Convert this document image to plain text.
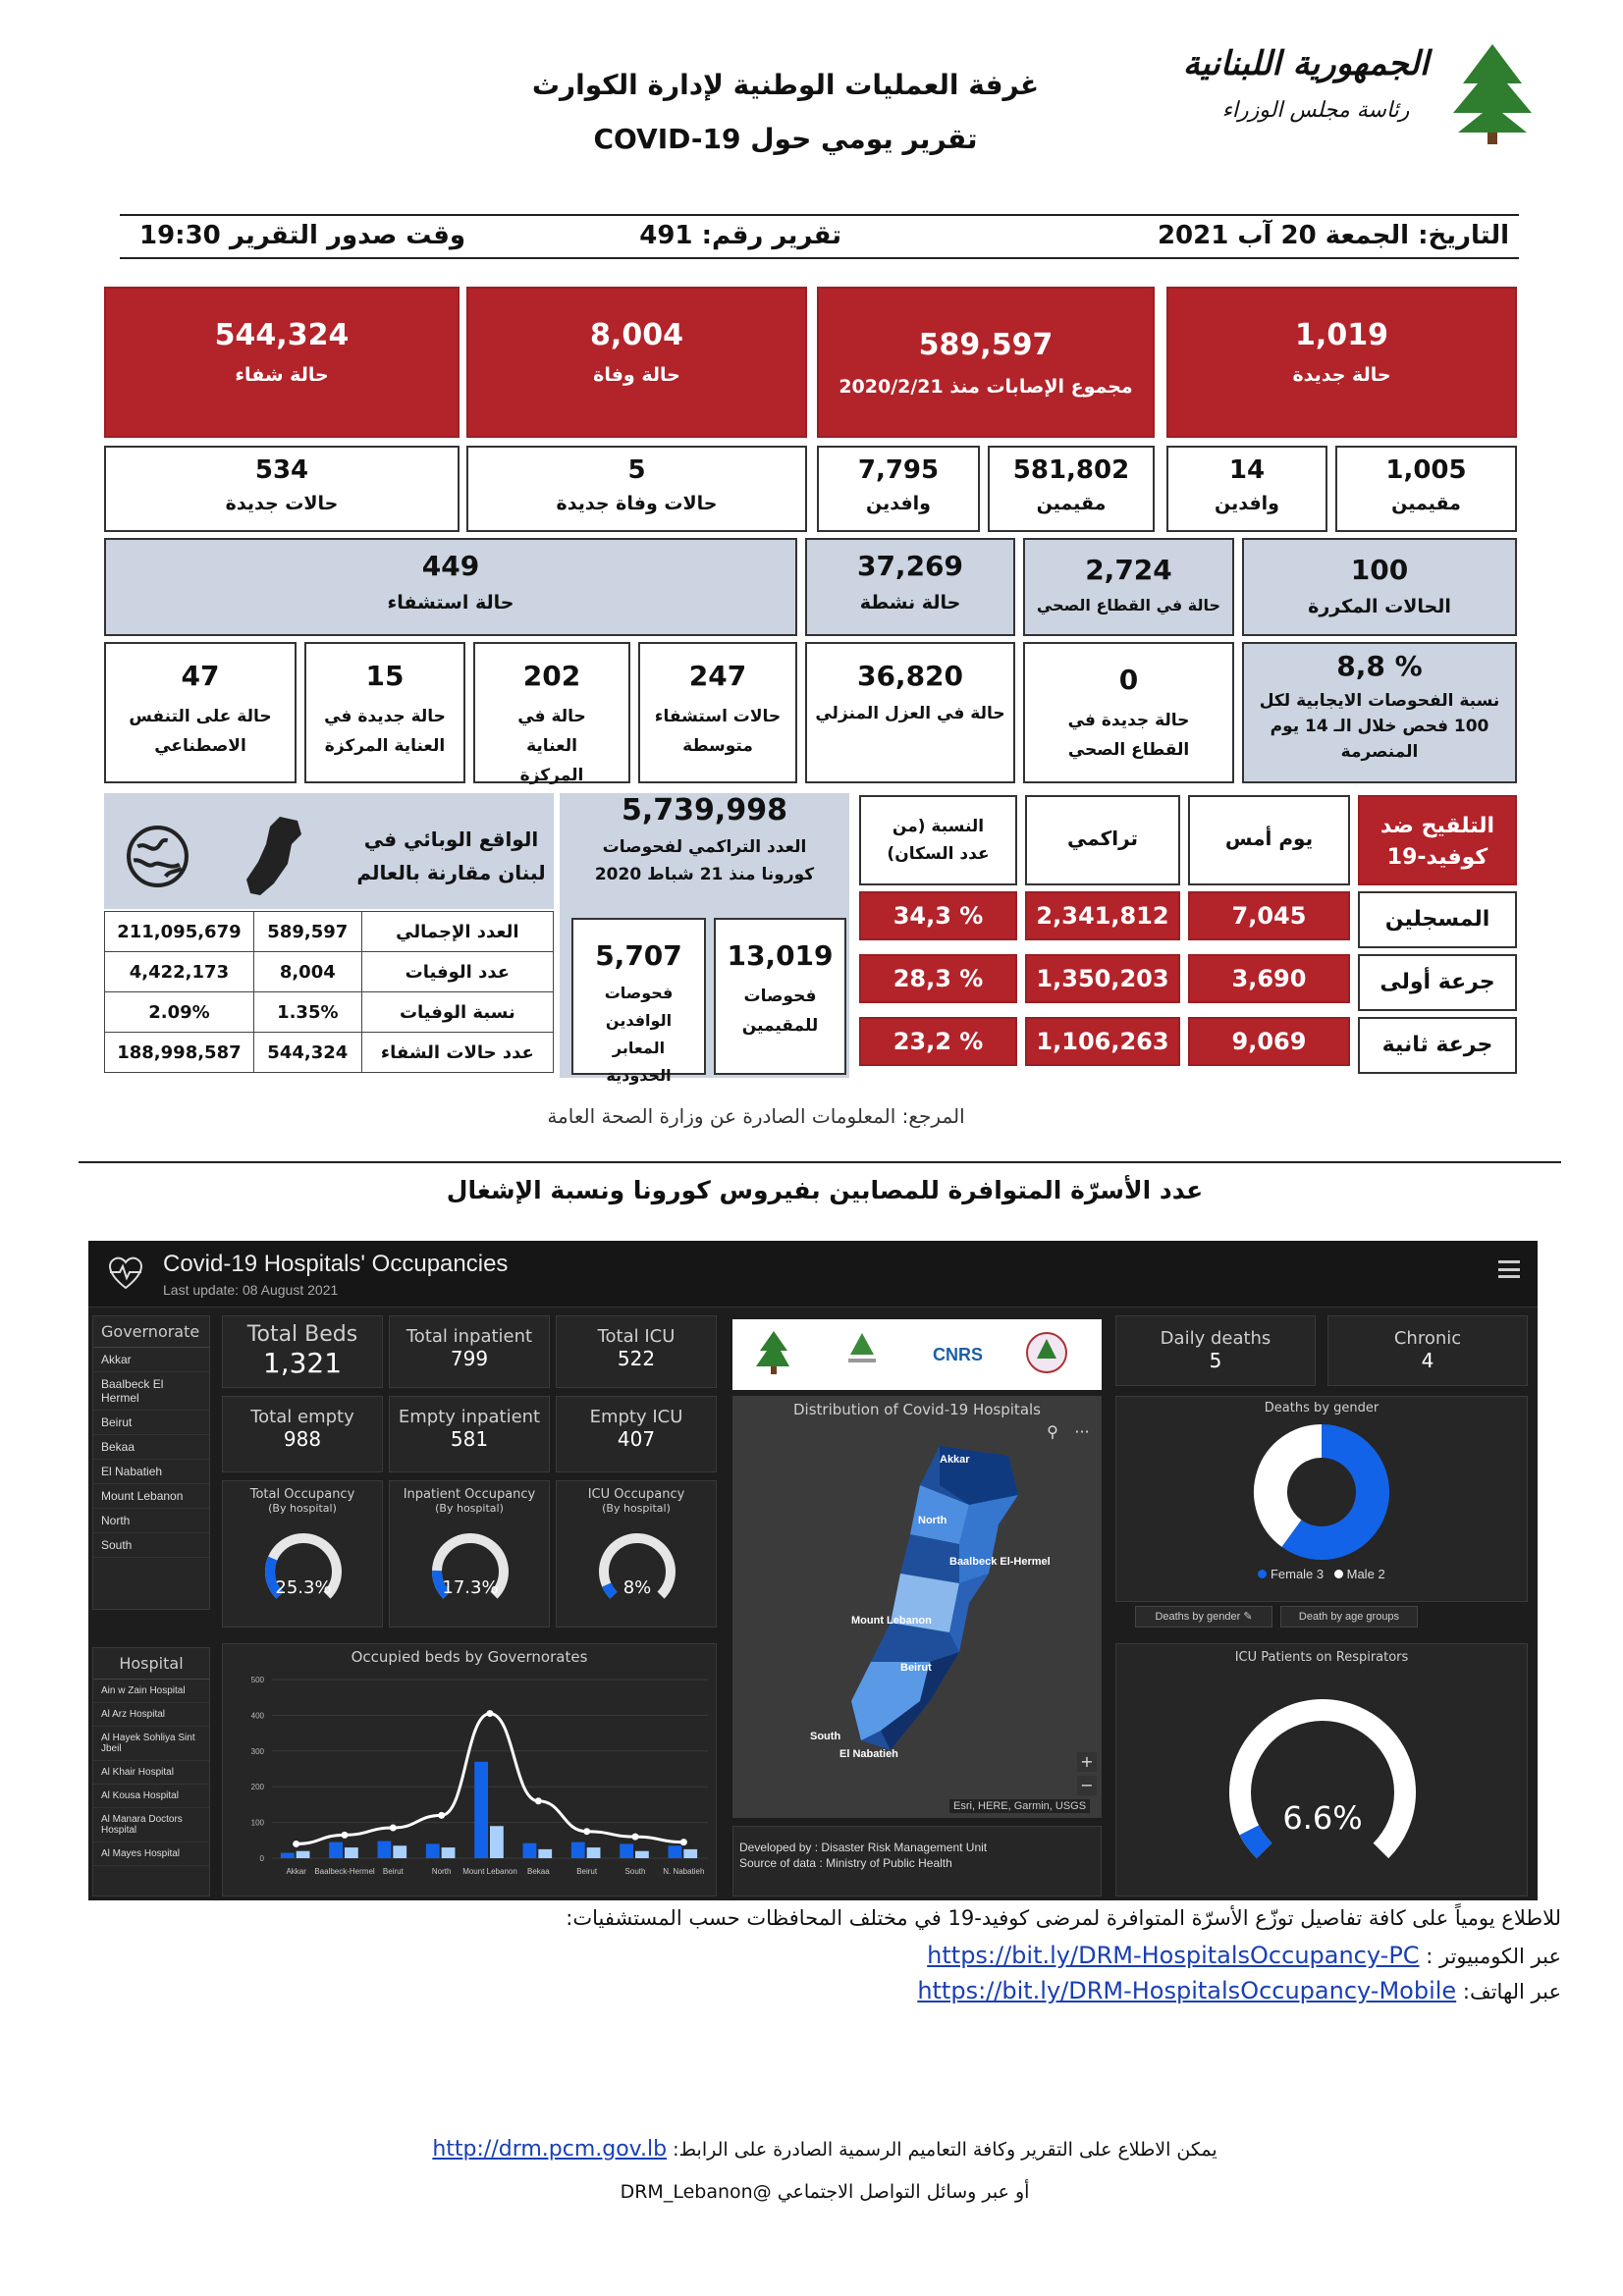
غرفة العمليات الوطنية لإدارة الكوارث
تقرير يومي حول COVID-19
الجمهورية اللبنانية
رئاسة مجلس الوزراء
التاريخ: الجمعة 20 آب 2021
تقرير رقم: 491
وقت صدور التقرير 19:30
1,019
حالة جديدة
589,597
مجموع الإصابات منذ 2020/2/21
8,004
حالة وفاة
544,324
حالة شفاء
1,005
مقيمين
14
وافدين
581,802
مقيمين
7,795
وافدين
5
حالات وفاة جديدة
534
حالات جديدة
100
الحالات المكررة
2,724
حالة في القطاع الصحي
37,269
حالة نشطة
449
حالة استشفاء
8,8 %
نسبة الفحوصات الايجابية لكل 100 فحص خلال الـ 14 يوم المنصرمة
0
حالة جديدة في القطاع الصحي
36,820
حالة في العزل المنزلي
247
حالات استشفاء متوسطة
202
حالة في العناية المركزة
15
حالة جديدة في العناية المركزة
47
حالة على التنفس الاصطناعي
التلقيح ضد كوفيد-19
يوم أمس
تراكمي
النسبة (من عدد السكان)
المسجلين
7,045
2,341,812
34,3 %
جرعة أولى
3,690
1,350,203
28,3 %
جرعة ثانية
9,069
1,106,263
23,2 %
5,739,998
العدد التراكمي لفحوصات كورونا منذ 21 شباط 2020
13,019
فحوصات للمقيمين
5,707
فحوصات الوافدين المعابر الحدودية
الواقع الوبائي في لبنان مقارنة بالعالم
العدد الإجمالي	589,597	211,095,679
عدد الوفيات	8,004	4,422,173
نسبة الوفيات	1.35%	2.09%
عدد حالات الشفاء	544,324	188,998,587
المرجع: المعلومات الصادرة عن وزارة الصحة العامة
عدد الأسرّة المتوافرة للمصابين بفيروس كورونا ونسبة الإشغال
Covid-19 Hospitals' Occupancies
Last update: 08 August 2021
Governorate
Akkar
Baalbeck El Hermel
Beirut
Bekaa
El Nabatieh
Mount Lebanon
North
South
Hospital
Ain w Zain Hospital
Al Arz Hospital
Al Hayek Sohliya Sint Jbeil
Al Khair Hospital
Al Kousa Hospital
Al Manara Doctors Hospital
Al Mayes Hospital
Total Beds
1,321
Total inpatient
799
Total ICU
522
Total empty
988
Empty inpatient
581
Empty ICU
407
Total Occupancy
(By hospital)
25.3%
Inpatient Occupancy
(By hospital)
17.3%
ICU Occupancy
(By hospital)
8%
Occupied beds by Governorates
500
400
300
200
100
0
Akkar Baalbeck-Hermel Beirut	North Mount Lebanon Bekaa	Beirut	South N. Nabatieh
CNRS
Distribution of Covid-19 Hospitals
⚲	···
Akkar
North
Baalbeck El-Hermel
Mount Lebanon
Beirut
South
El Nabatieh	+
−
Esri, HERE, Garmin, USGS
Developed by : Disaster Risk Management Unit
Source of data : Ministry of Public Health
Daily deaths
5
Chronic
4
Deaths by gender
Female 3 Male 2
Deaths by gender ✎	Death by age groups
ICU Patients on Respirators
6.6%
للاطلاع يومياً على كافة تفاصيل توزّع الأسرّة المتوافرة لمرضى كوفيد-19 في مختلف المحافظات حسب المستشفيات:
عبر الكومبيوتر : https://bit.ly/DRM-HospitalsOccupancy-PC
عبر الهاتف: https://bit.ly/DRM-HospitalsOccupancy-Mobile
يمكن الاطلاع على التقرير وكافة التعاميم الرسمية الصادرة على الرابط: http://drm.pcm.gov.lb
أو عبر وسائل التواصل الاجتماعي @DRM_Lebanon
